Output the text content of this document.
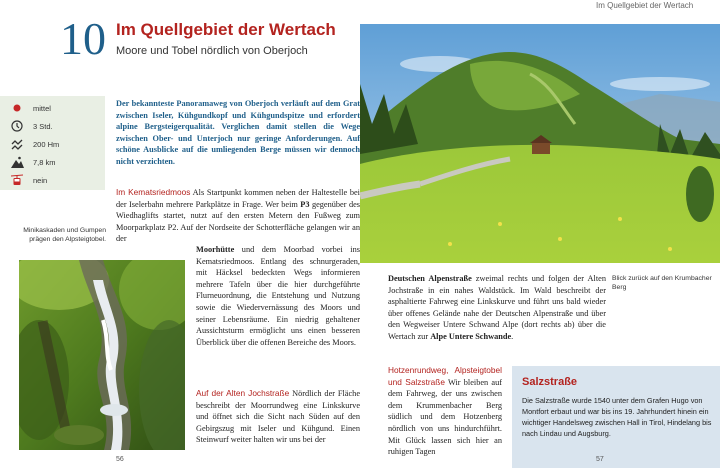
10 Im Quellgebiet der Wertach
Moore und Tobel nördlich von Oberjoch
mittel
3 Std.
200 Hm
7,8 km
nein
Der bekannteste Panoramaweg von Oberjoch verläuft auf dem Grat zwischen Iseler, Kühgundkopf und Kühgundspitze und erfordert alpine Bergsteigerqualität. Verglichen damit stellen die Wege zwischen Ober- und Unterjoch nur geringe Anforderungen. Auf schöne Ausblicke auf die umliegenden Berge müssen wir dennoch nicht verzichten.
Minikaskaden und Gumpen prägen den Alpsteigtobel.
Im Kematsriedmoos Als Startpunkt kommen neben der Haltestelle bei der Iselerbahn mehrere Parkplätze in Frage. Wer beim P3 gegenüber des Wiedhaglifts startet, nutzt auf den ersten Metern den Fußweg zum Moorparkplatz P2. Auf der Nordseite der Schotterfläche gelangen wir an der
Moorhütte und dem Moorbad vorbei ins Kematsriedmoos. Entlang des schnurgeraden, mit Häcksel bedeckten Wegs informieren mehrere Tafeln über die hier durchgeführte Flurneuordnung, die Entstehung und Nutzung sowie die Wiedervernässung des Moors und seiner Lebensräume. Ein niedrig gehaltener Aussichtsturm ermöglicht uns einen besseren Überblick über die offenen Bereiche des Moors.
Auf der Alten Jochstraße Nördlich der Fläche beschreibt der Moorrundweg eine Linkskurve und öffnet sich die Sicht nach Süden auf den Gebirgszug mit Iseler und Kühgund. Einen Steinwurf weiter halten wir uns bei der
56
Im Quellgebiet der Wertach
Blick zurück auf den Krumbacher Berg
Deutschen Alpenstraße zweimal rechts und folgen der Alten Jochstraße in ein nahes Waldstück. Im Wald beschreibt der asphaltierte Fahrweg eine Linkskurve und führt uns bald wieder über offenes Gelände nahe der Deutschen Alpenstraße und über den Wegweiser Untere Schwand Alpe (dort rechts ab) über die Wertach zur Alpe Untere Schwande.
Hotzenrundweg, Alpsteigtobel und Salzstraße Wir bleiben auf dem Fahrweg, der uns zwischen dem Krummenbacher Berg südlich und dem Hotzenberg nördlich von uns hindurchführt. Mit Glück lassen sich hier an ruhigen Tagen
Salzstraße
Die Salzstraße wurde 1540 unter dem Grafen Hugo von Montfort erbaut und war bis ins 19. Jahrhundert hinein ein wichtiger Handelsweg zwischen Hall in Tirol, Hindelang bis nach Lindau und Augsburg.
57
